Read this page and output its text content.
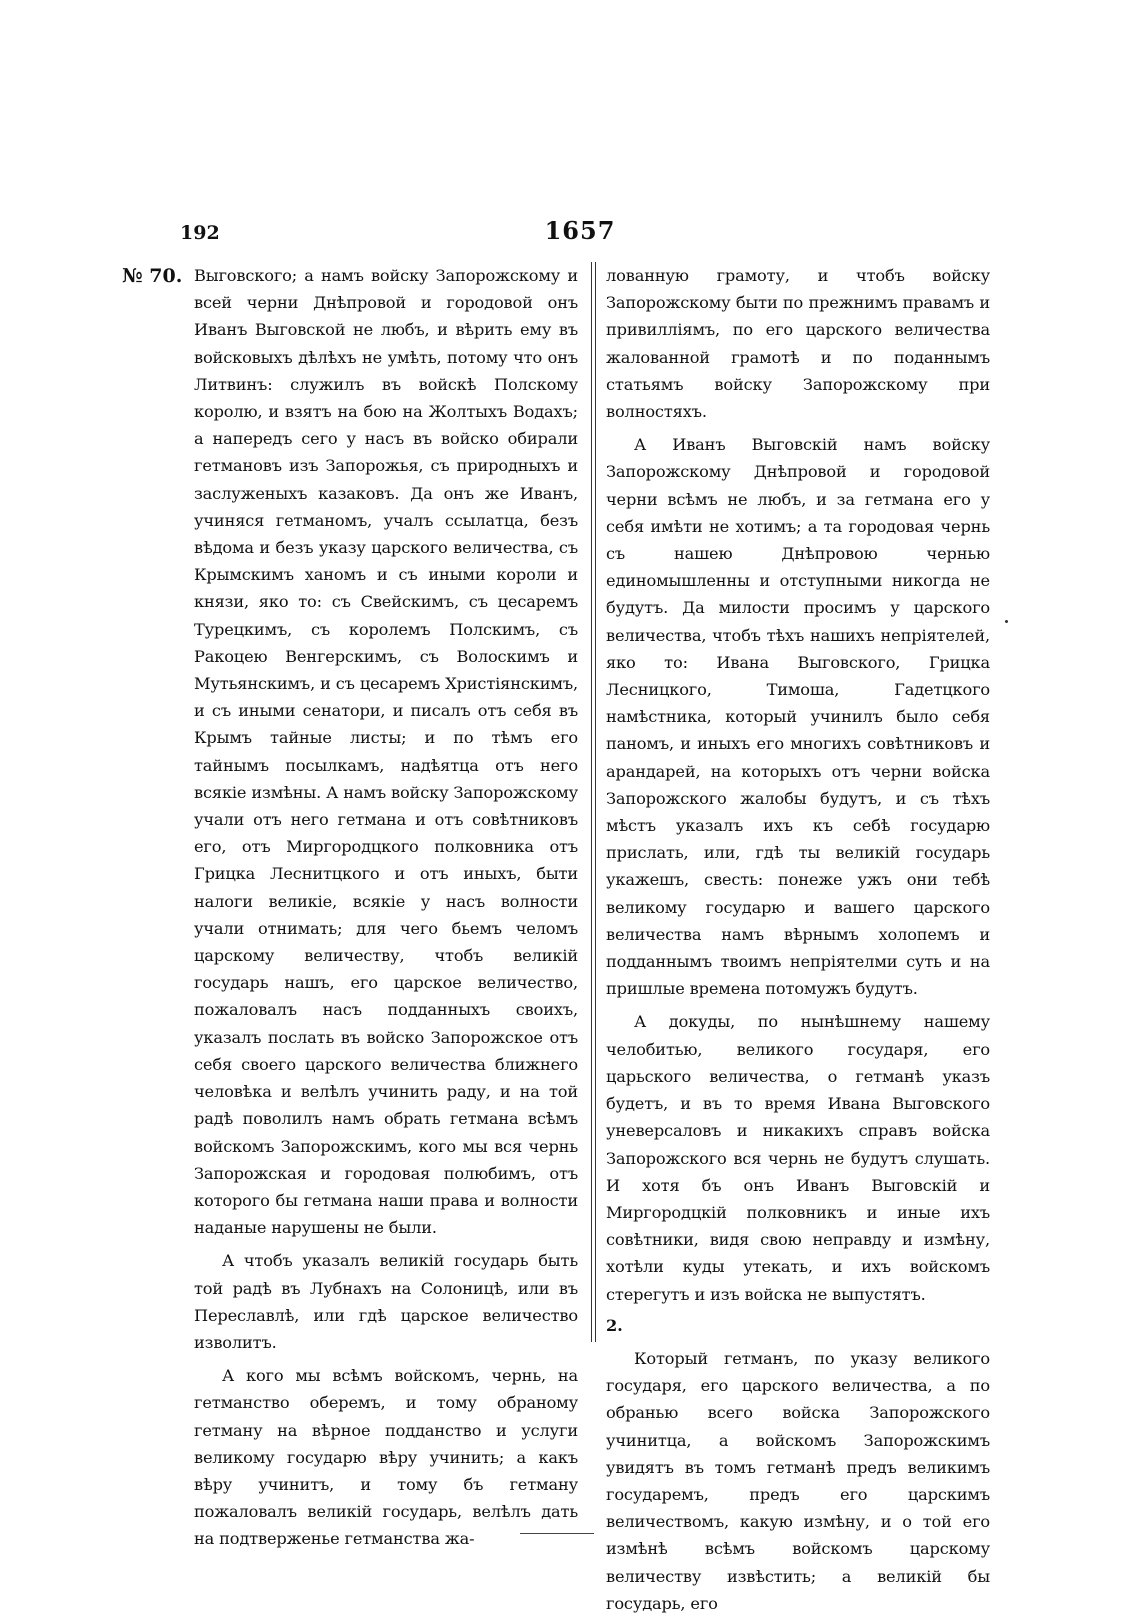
192	1657
№ 70. Выговского; а намъ войску Запорожскому и всей черни Днѣпровой и городовой онъ Иванъ Выговской не любъ, и вѣрить ему въ войсковыхъ дѣлѣхъ не умѣть, потому что онъ Литвинъ: служилъ въ войскѣ Полскому королю, и взятъ на бою на Жолтыхъ Водахъ; а напередъ сего у насъ въ войско обирали гетмановъ изъ Запорожья, съ природныхъ и заслуженыхъ казаковъ. Да онъ же Иванъ, учиняся гетманомъ, учалъ ссылатца, безъ вѣдома и безъ указу царского величества, съ Крымскимъ ханомъ и съ иными короли и князи, яко то: съ Свейскимъ, съ цесаремъ Турецкимъ, съ королемъ Полскимъ, съ Ракоцею Венгерскимъ, съ Волоскимъ и Мутьянскимъ, и съ цесаремъ Христіянскимъ, и съ иными сенатори, и писалъ отъ себя въ Крымъ тайные листы; и по тѣмъ его тайнымъ посылкамъ, надѣятца отъ него всякіе измѣны. А намъ войску Запорожскому учали отъ него гетмана и отъ совѣтниковъ его, отъ Миргородцкого полковника отъ Грицка Леснитцкого и отъ иныхъ, быти налоги великіе, всякіе у насъ волности учали отнимать; для чего бьемъ челомъ царскому величеству, чтобъ великій государь нашъ, его царское величество, пожаловалъ насъ подданныхъ своихъ, указалъ послать въ войско Запорожское отъ себя своего царского величества ближнего человѣка и велѣлъ учинить раду, и на той радѣ поволилъ намъ обрать гетмана всѣмъ войскомъ Запорожскимъ, кого мы вся чернь Запорожская и городовая полюбимъ, отъ которого бы гетмана наши права и волности наданые нарушены не были.

А чтобъ указалъ великій государь быть той радѣ въ Лубнахъ на Солоницѣ, или въ Переславлѣ, или гдѣ царское величество изволитъ.

А кого мы всѣмъ войскомъ, чернь, на гетманство оберемъ, и тому обраному гетману на вѣрное подданство и услуги великому государю вѣру учинить; а какъ вѣру учинитъ, и тому бъ гетману пожаловалъ великій государь, велѣлъ дать на подтверженье гетманства жа-

лованную грамоту, и чтобъ войску Запорожскому быти по прежнимъ правамъ и привилліямъ, по его царского величества жалованной грамотѣ и по поданнымъ статьямъ войску Запорожскому при волностяхъ.

А Иванъ Выговскій намъ войску Запорожскому Днѣпровой и городовой черни всѣмъ не любъ, и за гетмана его у себя имѣти не хотимъ; а та городовая чернь съ нашею Днѣпровою чернью единомышленны и отступными никогда не будутъ. Да милости просимъ у царского величества, чтобъ тѣхъ нашихъ непріятелей, яко то: Ивана Выговского, Грицка Лесницкого, Тимоша, Гадетцкого намѣстника, который учинилъ было себя паномъ, и иныхъ его многихъ совѣтниковъ и арандарей, на которыхъ отъ черни войска Запорожского жалобы будутъ, и съ тѣхъ мѣстъ указалъ ихъ къ себѣ государю прислать, или, гдѣ ты великій государь укажешъ, свесть: понеже ужъ они тебѣ великому государю и вашего царского величества намъ вѣрнымъ холопемъ и подданнымъ твоимъ непріятелми суть и на пришлые времена потомужъ будутъ.

А докуды, по нынѣшнему нашему челобитью, великого государя, его царьского величества, о гетманѣ указъ будетъ, и въ то время Ивана Выговского уневерсаловъ и никакихъ справъ войска Запорожского вся чернь не будутъ слушать. И хотя бъ онъ Иванъ Выговскій и Миргородцкій полковникъ и иные ихъ совѣтники, видя свою неправду и измѣну, хотѣли куды утекать, и ихъ войскомъ стерегутъ и изъ войска не выпустятъ.

2.

Который гетманъ, по указу великого государя, его царского величества, а по обранью всего войска Запорожского учинитца, а войскомъ Запорожскимъ увидятъ въ томъ гетманѣ предъ великимъ государемъ, предъ его царскимъ величествомъ, какую измѣну, и о той его измѣнѣ всѣмъ войскомъ царскому величеству извѣстить; а великій бы государь, его
